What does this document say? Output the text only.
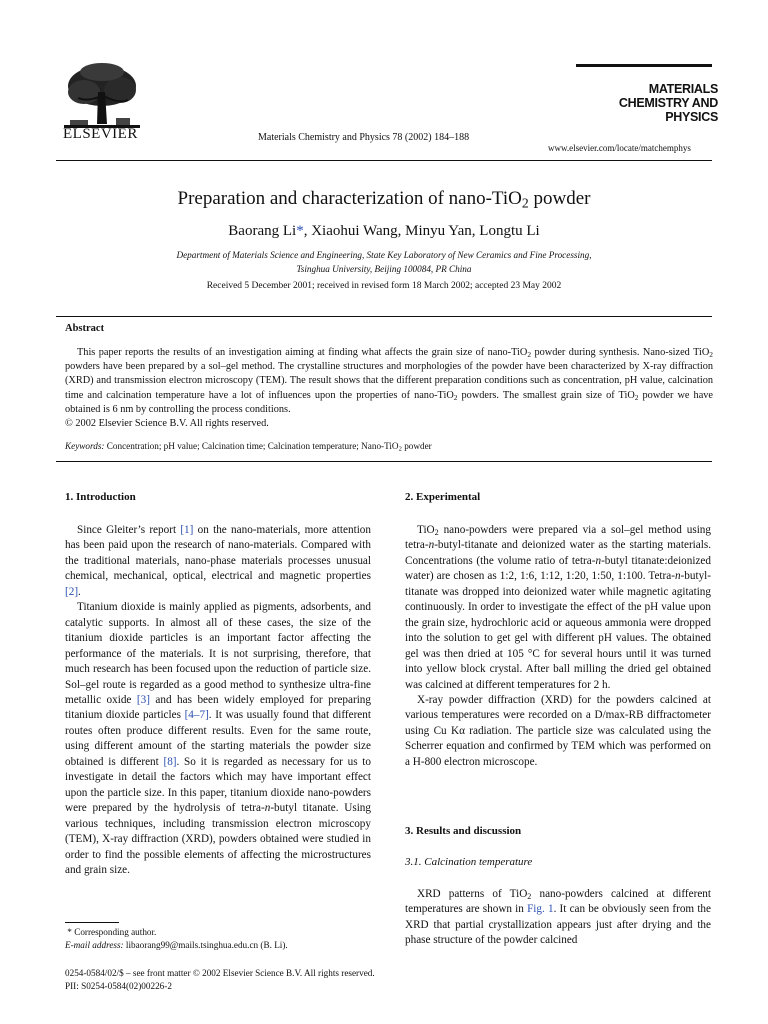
ELSEVIER	Materials Chemistry and Physics 78 (2002) 184–188
MATERIALS
CHEMISTRY AND
PHYSICS
www.elsevier.com/locate/matchemphys
Preparation and characterization of nano-TiO$_2$ powder
Baorang Li*, Xiaohui Wang, Minyu Yan, Longtu Li
Department of Materials Science and Engineering, State Key Laboratory of New Ceramics and Fine Processing,
Tsinghua University, Beijing 100084, PR China
Received 5 December 2001; received in revised form 18 March 2002; accepted 23 May 2002
Abstract

This paper reports the results of an investigation aiming at finding what affects the grain size of nano-TiO$_2$ powder during synthesis. Nano-sized TiO$_2$ powders have been prepared by a sol–gel method. The crystalline structures and morphologies of the powder have been characterized by X-ray diffraction (XRD) and transmission electron microscopy (TEM). The result shows that the different preparation conditions such as concentration, pH value, calcination time and calcination temperature have a lot of influences upon the properties of nano-TiO$_2$ powders. The smallest grain size of TiO$_2$ powder we have obtained is 6 nm by controlling the process conditions.

© 2002 Elsevier Science B.V. All rights reserved.
Keywords: Concentration; pH value; Calcination time; Calcination temperature; Nano-TiO$_2$ powder
1. Introduction

Since Gleiter’s report [1] on the nano-materials, more attention has been paid upon the research of nano-materials. Compared with the traditional materials, nano-phase materials processes unusual chemical, mechanical, optical, electrical and magnetic properties [2].

Titanium dioxide is mainly applied as pigments, adsorbents, and catalytic supports. In almost all of these cases, the size of the titanium dioxide particles is an important factor affecting the performance of the materials. It is not surprising, therefore, that much research has been focused upon the reduction of particle size. Sol–gel route is regarded as a good method to synthesize ultra-fine metallic oxide [3] and has been widely employed for preparing titanium dioxide particles [4–7]. It was usually found that different routes often produce different results. Even for the same route, using different amount of the starting materials the powder size obtained is different [8]. So it is regarded as necessary for us to investigate in detail the factors which may have important effect upon the particle size. In this paper, titanium dioxide nano-powders were prepared by the hydrolysis of tetra-n-butyl titanate. Using various techniques, including transmission electron microscopy (TEM), X-ray diffraction (XRD), powders obtained were studied in order to find the possible elements of affecting the microstructures and grain size.

* Corresponding author.
E-mail address: libaorang99@mails.tsinghua.edu.cn (B. Li).
0254-0584/02/$ – see front matter © 2002 Elsevier Science B.V. All rights reserved.
PII: S0254-0584(02)00226-2
2. Experimental

TiO$_2$ nano-powders were prepared via a sol–gel method using tetra-n-butyl-titanate and deionized water as the starting materials. Concentrations (the volume ratio of tetra-n-butyl titanate:deionized water) are chosen as 1:2, 1:6, 1:12, 1:20, 1:50, 1:100. Tetra-n-butyl-titanate was dropped into deionized water while magnetic agitating continuously. In order to investigate the effect of the pH value upon the grain size, hydrochloric acid or aqueous ammonia were dropped into the solution to get gel with different pH values. The obtained gel was then dried at 105 °C for several hours until it was turned into yellow block crystal. After ball milling the dried gel obtained was calcined at different temperatures for 2 h.

X-ray powder diffraction (XRD) for the powders calcined at various temperatures were recorded on a D/max-RB diffractometer using Cu Kα radiation. The particle size was calculated using the Scherrer equation and confirmed by TEM which was performed on a H-800 electron microscope.

3. Results and discussion
3.1. Calcination temperature

XRD patterns of TiO$_2$ nano-powders calcined at different temperatures are shown in Fig. 1. It can be obviously seen from the XRD that partial crystallization appears just after drying and the phase structure of the powder calcined
